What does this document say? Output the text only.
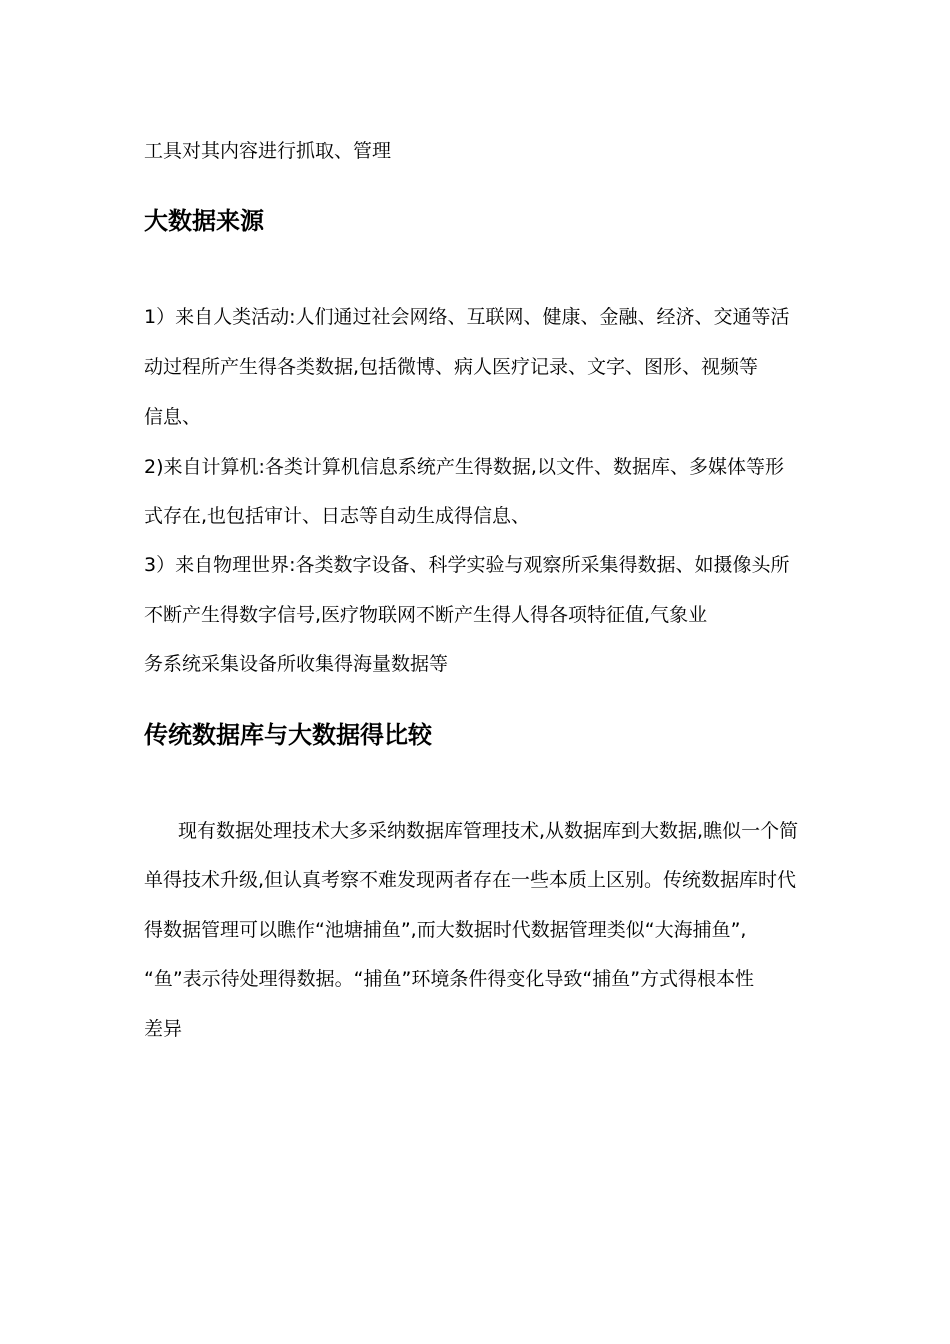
工具对其内容进行抓取、管理
大数据来源
1）来自人类活动:人们通过社会网络、互联网、健康、金融、经济、交通等活
动过程所产生得各类数据,包括微博、病人医疗记录、文字、图形、视频等
信息、
2)来自计算机:各类计算机信息系统产生得数据,以文件、数据库、多媒体等形
式存在,也包括审计、日志等自动生成得信息、
3）来自物理世界:各类数字设备、科学实验与观察所采集得数据、如摄像头所
不断产生得数字信号,医疗物联网不断产生得人得各项特征值,气象业
务系统采集设备所收集得海量数据等
传统数据库与大数据得比较
现有数据处理技术大多采纳数据库管理技术,从数据库到大数据,瞧似一个简
单得技术升级,但认真考察不难发现两者存在一些本质上区别。传统数据库时代
得数据管理可以瞧作“池塘捕鱼”,而大数据时代数据管理类似“大海捕鱼”,
“鱼”表示待处理得数据。“捕鱼”环境条件得变化导致“捕鱼”方式得根本性
差异
